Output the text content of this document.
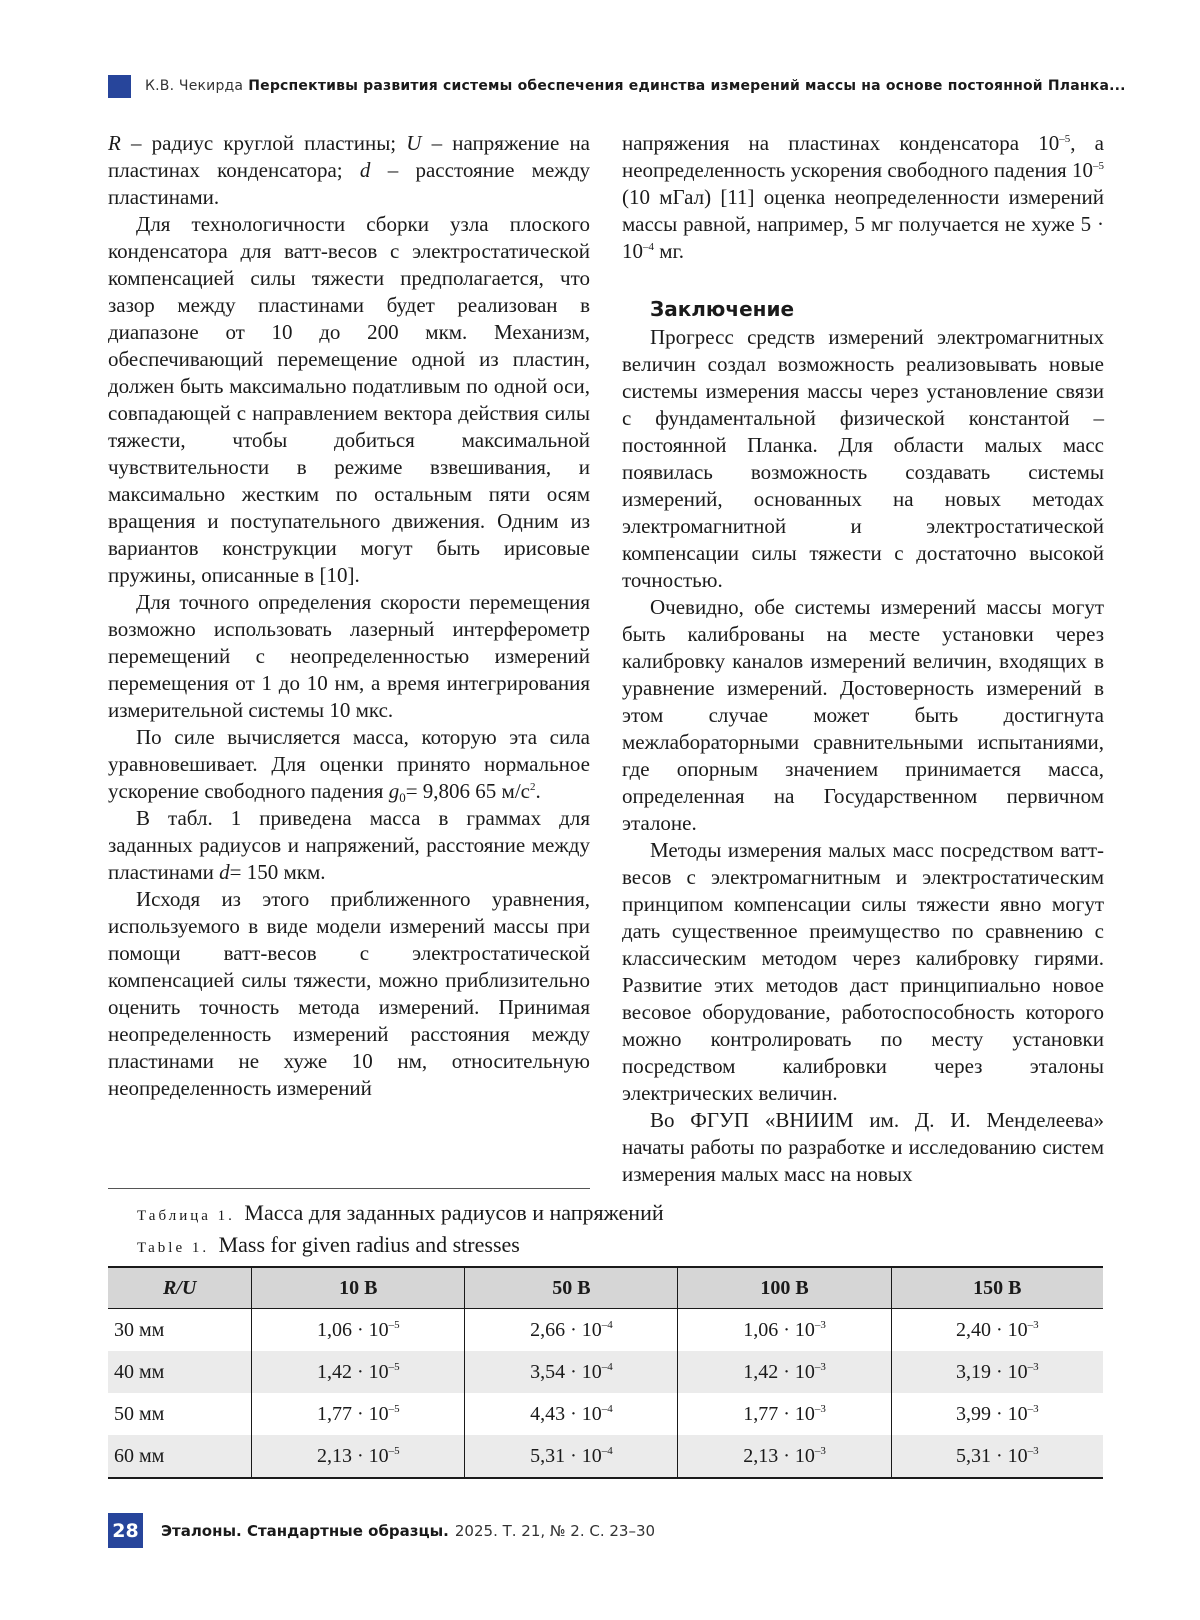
К.В. Чекирда Перспективы развития системы обеспечения единства измерений массы на основе постоянной Планка...

R – радиус круглой пластины; U – напряжение на пластинах конденсатора; d – расстояние между пластинами.

Для технологичности сборки узла плоского конденсатора для ватт-весов с электростатической компенсацией силы тяжести предполагается, что зазор между пластинами будет реализован в диапазоне от 10 до 200 мкм. Механизм, обеспечивающий перемещение одной из пластин, должен быть максимально податливым по одной оси, совпадающей с направлением вектора действия силы тяжести, чтобы добиться максимальной чувствительности в режиме взвешивания, и максимально жестким по остальным пяти осям вращения и поступательного движения. Одним из вариантов конструкции могут быть ирисовые пружины, описанные в [10].

Для точного определения скорости перемещения возможно использовать лазерный интерферометр перемещений с неопределенностью измерений перемещения от 1 до 10 нм, а время интегрирования измерительной системы 10 мкс.

По силе вычисляется масса, которую эта сила уравновешивает. Для оценки принято нормальное ускорение свободного падения $g_0= 9,806$ 65 $м/с^2$.

В табл. 1 приведена масса в граммах для заданных радиусов и напряжений, расстояние между пластинами d= 150 мкм.

Исходя из этого приближенного уравнения, используемого в виде модели измерений массы при помощи ватт-весов с электростатической компенсацией силы тяжести, можно приблизительно оценить точность метода измерений. Принимая неопределенность измерений расстояния между пластинами не хуже 10 нм, относительную неопределенность измерений

напряжения на пластинах конденсатора $10^{-5}$, а неопределенность ускорения свободного падения $10^{-5}$ (10 мГал) [11] оценка неопределенности измерений массы равной, например, 5 мг получается не хуже $5 \cdot 10^{-4}$ мг.

Заключение

Прогресс средств измерений электромагнитных величин создал возможность реализовывать новые системы измерения массы через установление связи с фундаментальной физической константой – постоянной Планка. Для области малых масс появилась возможность создавать системы измерений, основанных на новых методах электромагнитной и электростатической компенсации силы тяжести с достаточно высокой точностью.

Очевидно, обе системы измерений массы могут быть калиброваны на месте установки через калибровку каналов измерений величин, входящих в уравнение измерений. Достоверность измерений в этом случае может быть достигнута межлабораторными сравнительными испытаниями, где опорным значением принимается масса, определенная на Государственном первичном эталоне.

Методы измерения малых масс посредством ватт-весов с электромагнитным и электростатическим принципом компенсации силы тяжести явно могут дать существенное преимущество по сравнению с классическим методом через калибровку гирями. Развитие этих методов даст принципиально новое весовое оборудование, работоспособность которого можно контролировать по месту установки посредством калибровки через эталоны электрических величин.

Во ФГУП «ВНИИМ им. Д. И. Менделеева» начаты работы по разработке и исследованию систем измерения малых масс на новых

Таблица 1. Масса для заданных радиусов и напряжений
Table 1. Mass for given radius and stresses
R/U	10 В	50 В	100 В	150 В
30 мм	$1,06 \cdot 10^{-5}$	$2,66 \cdot 10^{-4}$	$1,06 \cdot 10^{-3}$	$2,40 \cdot 10^{-3}$
40 мм	$1,42 \cdot 10^{-5}$	$3,54 \cdot 10^{-4}$	$1,42 \cdot 10^{-3}$	$3,19 \cdot 10^{-3}$
50 мм	$1,77 \cdot 10^{-5}$	$4,43 \cdot 10^{-4}$	$1,77 \cdot 10^{-3}$	$3,99 \cdot 10^{-3}$
60 мм	$2,13 \cdot 10^{-5}$	$5,31 \cdot 10^{-4}$	$2,13 \cdot 10^{-3}$	$5,31 \cdot 10^{-3}$
28 Эталоны. Стандартные образцы. 2025. Т. 21, № 2. С. 23–30
